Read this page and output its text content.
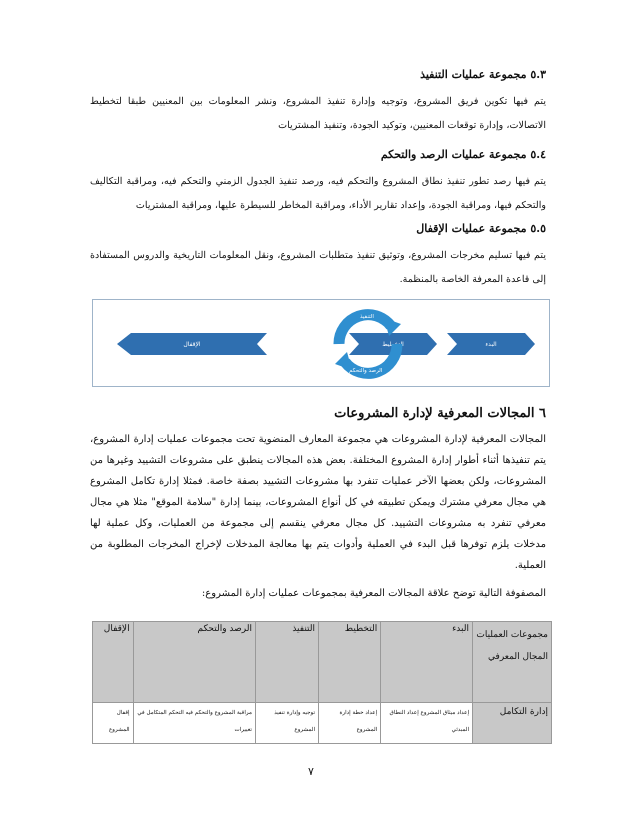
٥.٣ مجموعة عمليات التنفيذ
يتم فيها تكوين فريق المشروع، وتوجيه وإدارة تنفيذ المشروع، ونشر المعلومات بين المعنيين طبقا لتخطيط الاتصالات، وإدارة توقعات المعنيين، وتوكيد الجودة، وتنفيذ المشتريات
٥.٤ مجموعة عمليات الرصد والتحكم
يتم فيها رصد تطور تنفيذ نطاق المشروع والتحكم فيه، ورصد تنفيذ الجدول الزمني والتحكم فيه، ومراقبة التكاليف والتحكم فيها، ومراقبة الجودة، وإعداد تقارير الأداء، ومراقبة المخاطر للسيطرة عليها، ومراقبة المشتريات
٥.٥ مجموعة عمليات الإقفال
يتم فيها تسليم مخرجات المشروع، وتوثيق تنفيذ متطلبات المشروع، ونقل المعلومات التاريخية والدروس المستفادة إلى قاعدة المعرفة الخاصة بالمنظمة.
البدء
التخطيط
التنفيذ
الرصد والتحكم
الإقفال
٦ المجالات المعرفية لإدارة المشروعات
المجالات المعرفية لإدارة المشروعات هي مجموعة المعارف المنضوية تحت مجموعات عمليات إدارة المشروع، يتم تنفيذها أثناء أطوار إدارة المشروع المختلفة. بعض هذه المجالات ينطبق على مشروعات التشييد وغيرها من المشروعات، ولكن بعضها الآخر عمليات تنفرد بها مشروعات التشييد بصفة خاصة. فمثلا إدارة تكامل المشروع هي مجال معرفي مشترك ويمكن تطبيقه في كل أنواع المشروعات، بينما إدارة "سلامة الموقع" مثلا هي مجال معرفي تنفرد به مشروعات التشييد. كل مجال معرفي ينقسم إلى مجموعة من العمليات، وكل عملية لها مدخلات يلزم توفرها قبل البدء في العملية وأدوات يتم بها معالجة المدخلات لإخراج المخرجات المطلوبة من العملية.
المصفوفة التالية توضح علاقة المجالات المعرفية بمجموعات عمليات إدارة المشروع:
مجموعات العمليات
المجال المعرفي	البدء	التخطيط	التنفيذ	الرصد والتحكم	الإقفال
إدارة التكامل	إعداد ميثاق المشروع إعداد النطاق المبدئي	إعداد خطة إدارة المشروع	توجيه وإدارة تنفيذ المشروع	مراقبة المشروع والتحكم فيه التحكم المتكامل في تغييرات	إقفال المشروع
٧
